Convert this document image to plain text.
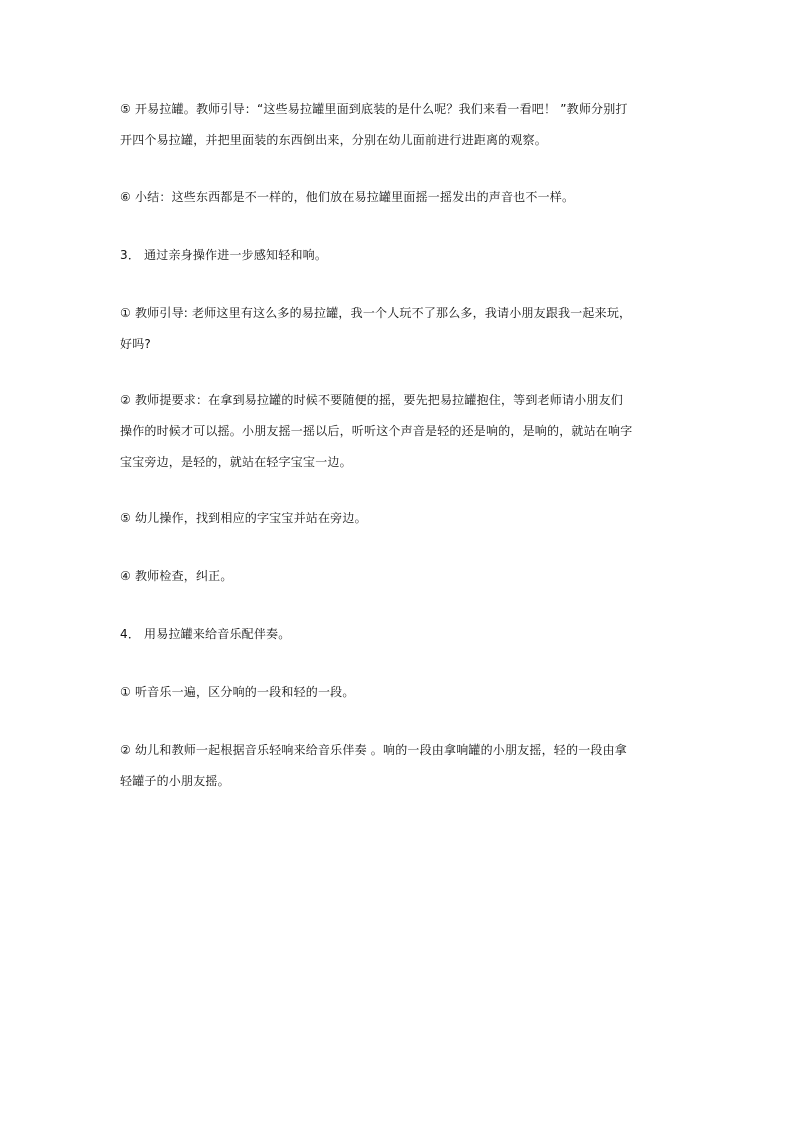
⑤ 开易拉罐。教师引导：“这些易拉罐里面到底装的是什么呢？我们来看一看吧！ ”教师分别打
开四个易拉罐，并把里面装的东西倒出来，分别在幼儿面前进行进距离的观察。
⑥ 小结：这些东西都是不一样的，他们放在易拉罐里面摇一摇发出的声音也不一样。
3． 通过亲身操作进一步感知轻和响。
① 教师引导: 老师这里有这么多的易拉罐，我一个人玩不了那么多，我请小朋友跟我一起来玩，
好吗?
② 教师提要求：在拿到易拉罐的时候不要随便的摇，要先把易拉罐抱住，等到老师请小朋友们
操作的时候才可以摇。小朋友摇一摇以后，听听这个声音是轻的还是响的，是响的，就站在响字
宝宝旁边，是轻的，就站在轻字宝宝一边。
⑤ 幼儿操作，找到相应的字宝宝并站在旁边。
④ 教师检查，纠正。
4． 用易拉罐来给音乐配伴奏。
① 听音乐一遍，区分响的一段和轻的一段。
② 幼儿和教师一起根据音乐轻响来给音乐伴奏 。响的一段由拿响罐的小朋友摇，轻的一段由拿
轻罐子的小朋友摇。
